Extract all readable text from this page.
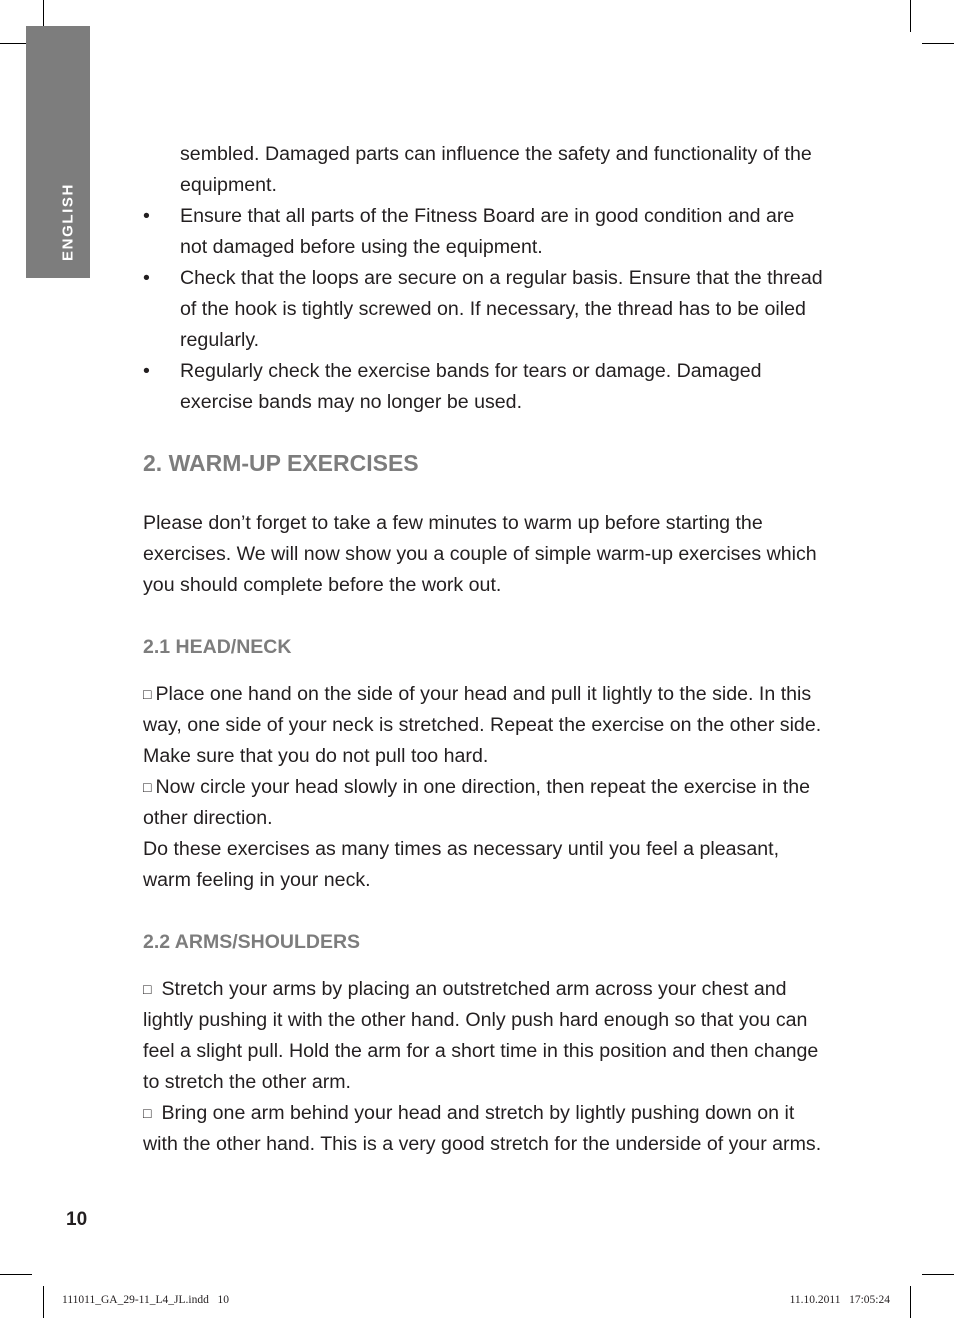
ENGLISH

sembled. Damaged parts can influence the safety and functionality of the equipment.

• Ensure that all parts of the Fitness Board are in good condition and are not damaged before using the equipment.
• Check that the loops are secure on a regular basis. Ensure that the thread of the hook is tightly screwed on. If necessary, the thread has to be oiled regularly.
• Regularly check the exercise bands for tears or damage. Damaged exercise bands may no longer be used.
2. WARM-UP EXERCISES

Please don’t forget to take a few minutes to warm up before starting the exercises. We will now show you a couple of simple warm-up exercises which you should complete before the work out.

2.1 HEAD/NECK

□ Place one hand on the side of your head and pull it lightly to the side. In this way, one side of your neck is stretched. Repeat the exercise on the other side. Make sure that you do not pull too hard.

□ Now circle your head slowly in one direction, then repeat the exercise in the other direction.

Do these exercises as many times as necessary until you feel a pleasant, warm feeling in your neck.

2.2 ARMS/SHOULDERS

□ Stretch your arms by placing an outstretched arm across your chest and lightly pushing it with the other hand. Only push hard enough so that you can feel a slight pull. Hold the arm for a short time in this position and then change to stretch the other arm.

□ Bring one arm behind your head and stretch by lightly pushing down on it with the other hand. This is a very good stretch for the underside of your arms.

10
111011_GA_29-11_L4_JL.indd   10	11.10.2011   17:05:24
